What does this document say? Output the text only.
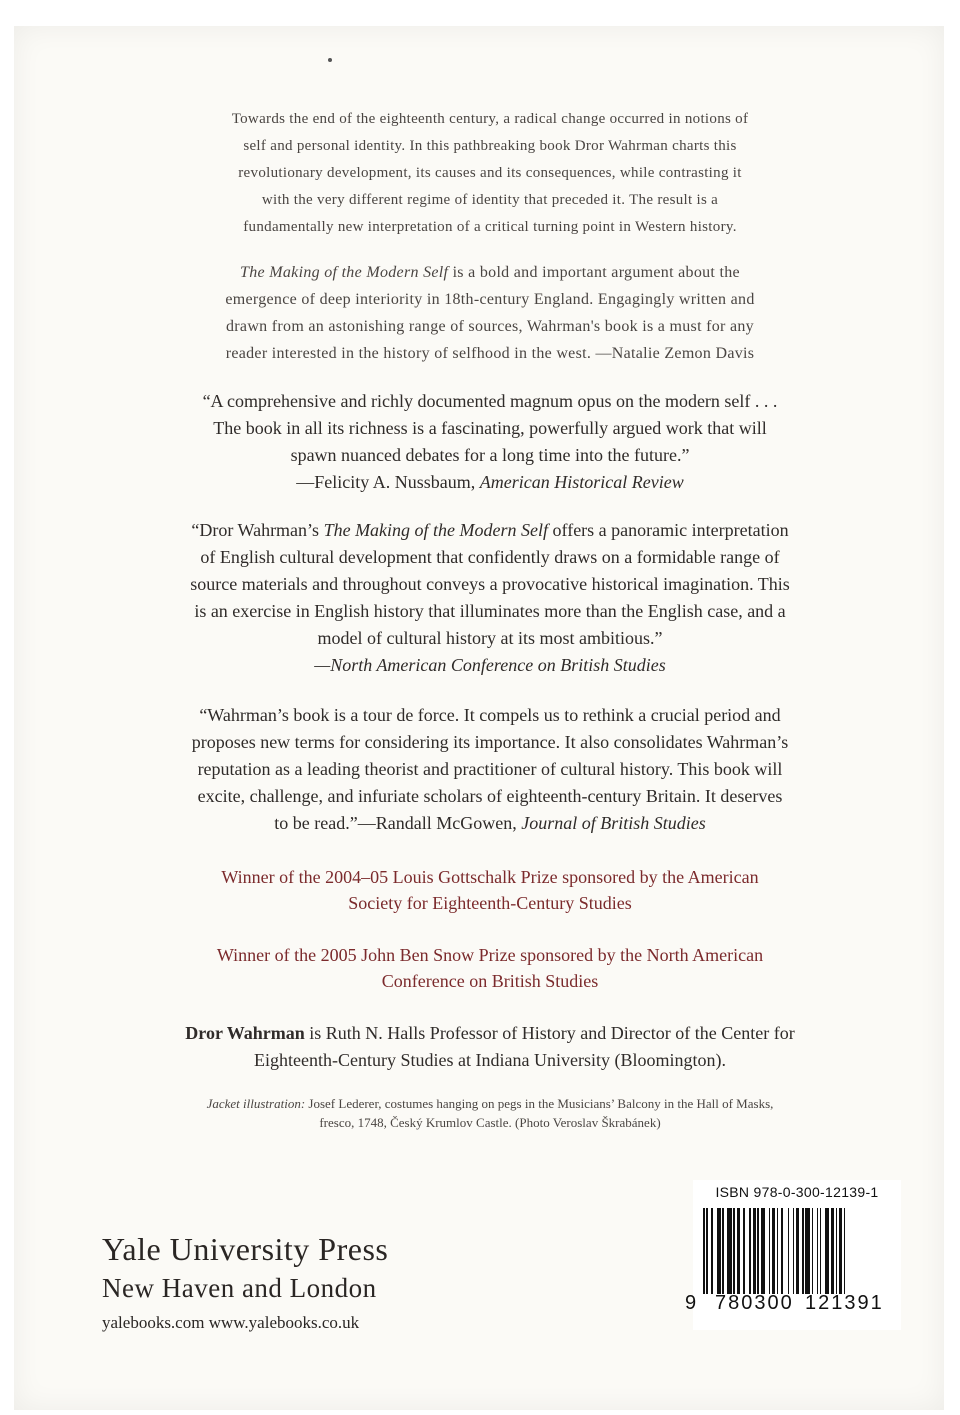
Towards the end of the eighteenth century, a radical change occurred in notions of
self and personal identity. In this pathbreaking book Dror Wahrman charts this
revolutionary development, its causes and its consequences, while contrasting it
with the very different regime of identity that preceded it. The result is a
fundamentally new interpretation of a critical turning point in Western history.
The Making of the Modern Self is a bold and important argument about the
emergence of deep interiority in 18th-century England. Engagingly written and
drawn from an astonishing range of sources, Wahrman's book is a must for any
reader interested in the history of selfhood in the west. —Natalie Zemon Davis
“A comprehensive and richly documented magnum opus on the modern self . . .
The book in all its richness is a fascinating, powerfully argued work that will
spawn nuanced debates for a long time into the future.”
—Felicity A. Nussbaum, American Historical Review
“Dror Wahrman’s The Making of the Modern Self offers a panoramic interpretation
of English cultural development that confidently draws on a formidable range of
source materials and throughout conveys a provocative historical imagination. This
is an exercise in English history that illuminates more than the English case, and a
model of cultural history at its most ambitious.”
—North American Conference on British Studies
“Wahrman’s book is a tour de force. It compels us to rethink a crucial period and
proposes new terms for considering its importance. It also consolidates Wahrman’s
reputation as a leading theorist and practitioner of cultural history. This book will
excite, challenge, and infuriate scholars of eighteenth-century Britain. It deserves
to be read.”—Randall McGowen, Journal of British Studies
Winner of the 2004–05 Louis Gottschalk Prize sponsored by the American
Society for Eighteenth-Century Studies
Winner of the 2005 John Ben Snow Prize sponsored by the North American
Conference on British Studies
Dror Wahrman is Ruth N. Halls Professor of History and Director of the Center for
Eighteenth-Century Studies at Indiana University (Bloomington).
Jacket illustration: Josef Lederer, costumes hanging on pegs in the Musicians’ Balcony in the Hall of Masks,
fresco, 1748, Český Krumlov Castle. (Photo Veroslav Škrabánek)
Yale University Press
New Haven and London
yalebooks.com www.yalebooks.co.uk
ISBN 978-0-300-12139-1
9 780300 121391
